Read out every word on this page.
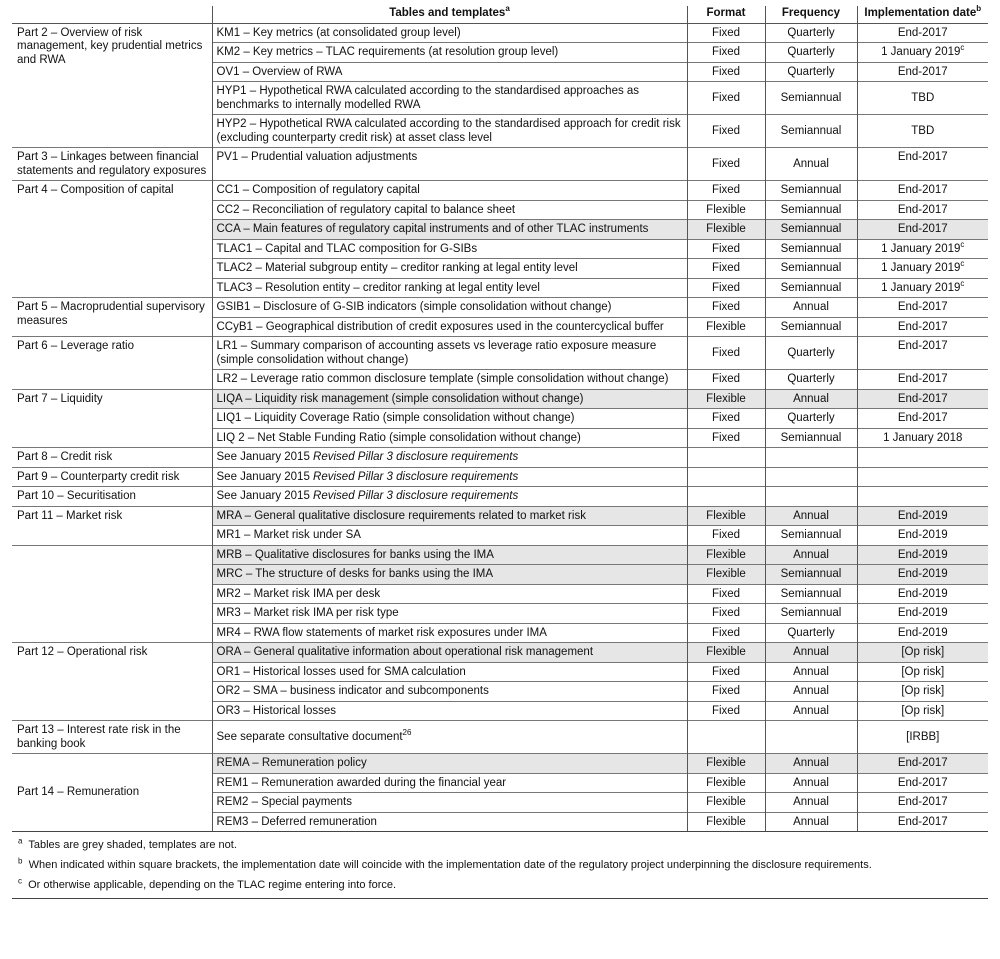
	Tables and templates$^a$	Format	Frequency	Implementation date$^b$
Part 2 – Overview of risk management, key prudential metrics and RWA	KM1 – Key metrics (at consolidated group level)	Fixed	Quarterly	End-2017
	KM2 – Key metrics – TLAC requirements (at resolution group level)	Fixed	Quarterly	1 January 2019$^c$
	OV1 – Overview of RWA	Fixed	Quarterly	End-2017
	HYP1 – Hypothetical RWA calculated according to the standardised approaches as benchmarks to internally modelled RWA	Fixed	Semiannual	TBD
	HYP2 – Hypothetical RWA calculated according to the standardised approach for credit risk (excluding counterparty credit risk) at asset class level	Fixed	Semiannual	TBD
Part 3 – Linkages between financial statements and regulatory exposures	PV1 – Prudential valuation adjustments	Fixed	Annual	End-2017
Part 4 – Composition of capital	CC1 – Composition of regulatory capital	Fixed	Semiannual	End-2017
	CC2 – Reconciliation of regulatory capital to balance sheet	Flexible	Semiannual	End-2017
	CCA – Main features of regulatory capital instruments and of other TLAC instruments	Flexible	Semiannual	End-2017
	TLAC1 – Capital and TLAC composition for G-SIBs	Fixed	Semiannual	1 January 2019$^c$
	TLAC2 – Material subgroup entity – creditor ranking at legal entity level	Fixed	Semiannual	1 January 2019$^c$
	TLAC3 – Resolution entity – creditor ranking at legal entity level	Fixed	Semiannual	1 January 2019$^c$
Part 5 – Macroprudential supervisory measures	GSIB1 – Disclosure of G-SIB indicators (simple consolidation without change)	Fixed	Annual	End-2017
	CCyB1 – Geographical distribution of credit exposures used in the countercyclical buffer	Flexible	Semiannual	End-2017
Part 6 – Leverage ratio	LR1 – Summary comparison of accounting assets vs leverage ratio exposure measure (simple consolidation without change)	Fixed	Quarterly	End-2017
	LR2 – Leverage ratio common disclosure template (simple consolidation without change)	Fixed	Quarterly	End-2017
Part 7 – Liquidity	LIQA – Liquidity risk management (simple consolidation without change)	Flexible	Annual	End-2017
	LIQ1 – Liquidity Coverage Ratio (simple consolidation without change)	Fixed	Quarterly	End-2017
	LIQ 2 – Net Stable Funding Ratio (simple consolidation without change)	Fixed	Semiannual	1 January 2018
Part 8 – Credit risk	See January 2015 Revised Pillar 3 disclosure requirements			
Part 9 – Counterparty credit risk	See January 2015 Revised Pillar 3 disclosure requirements			
Part 10 – Securitisation	See January 2015 Revised Pillar 3 disclosure requirements			
Part 11 – Market risk	MRA – General qualitative disclosure requirements related to market risk	Flexible	Annual	End-2019
	MR1 – Market risk under SA	Fixed	Semiannual	End-2019
	MRB – Qualitative disclosures for banks using the IMA	Flexible	Annual	End-2019
	MRC – The structure of desks for banks using the IMA	Flexible	Semiannual	End-2019
	MR2 – Market risk IMA per desk	Fixed	Semiannual	End-2019
	MR3 – Market risk IMA per risk type	Fixed	Semiannual	End-2019
	MR4 – RWA flow statements of market risk exposures under IMA	Fixed	Quarterly	End-2019
Part 12 – Operational risk	ORA – General qualitative information about operational risk management	Flexible	Annual	[Op risk]
	OR1 – Historical losses used for SMA calculation	Fixed	Annual	[Op risk]
	OR2 – SMA – business indicator and subcomponents	Fixed	Annual	[Op risk]
	OR3 – Historical losses	Fixed	Annual	[Op risk]
Part 13 – Interest rate risk in the banking book	See separate consultative document$^{26}$			[IRBB]
Part 14 – Remuneration	REMA – Remuneration policy	Flexible	Annual	End-2017
	REM1 – Remuneration awarded during the financial year	Flexible	Annual	End-2017
	REM2 – Special payments	Flexible	Annual	End-2017
	REM3 – Deferred remuneration	Flexible	Annual	End-2017
$^a$ Tables are grey shaded, templates are not.
$^b$ When indicated within square brackets, the implementation date will coincide with the implementation date of the regulatory project underpinning the disclosure requirements.
$^c$ Or otherwise applicable, depending on the TLAC regime entering into force.
